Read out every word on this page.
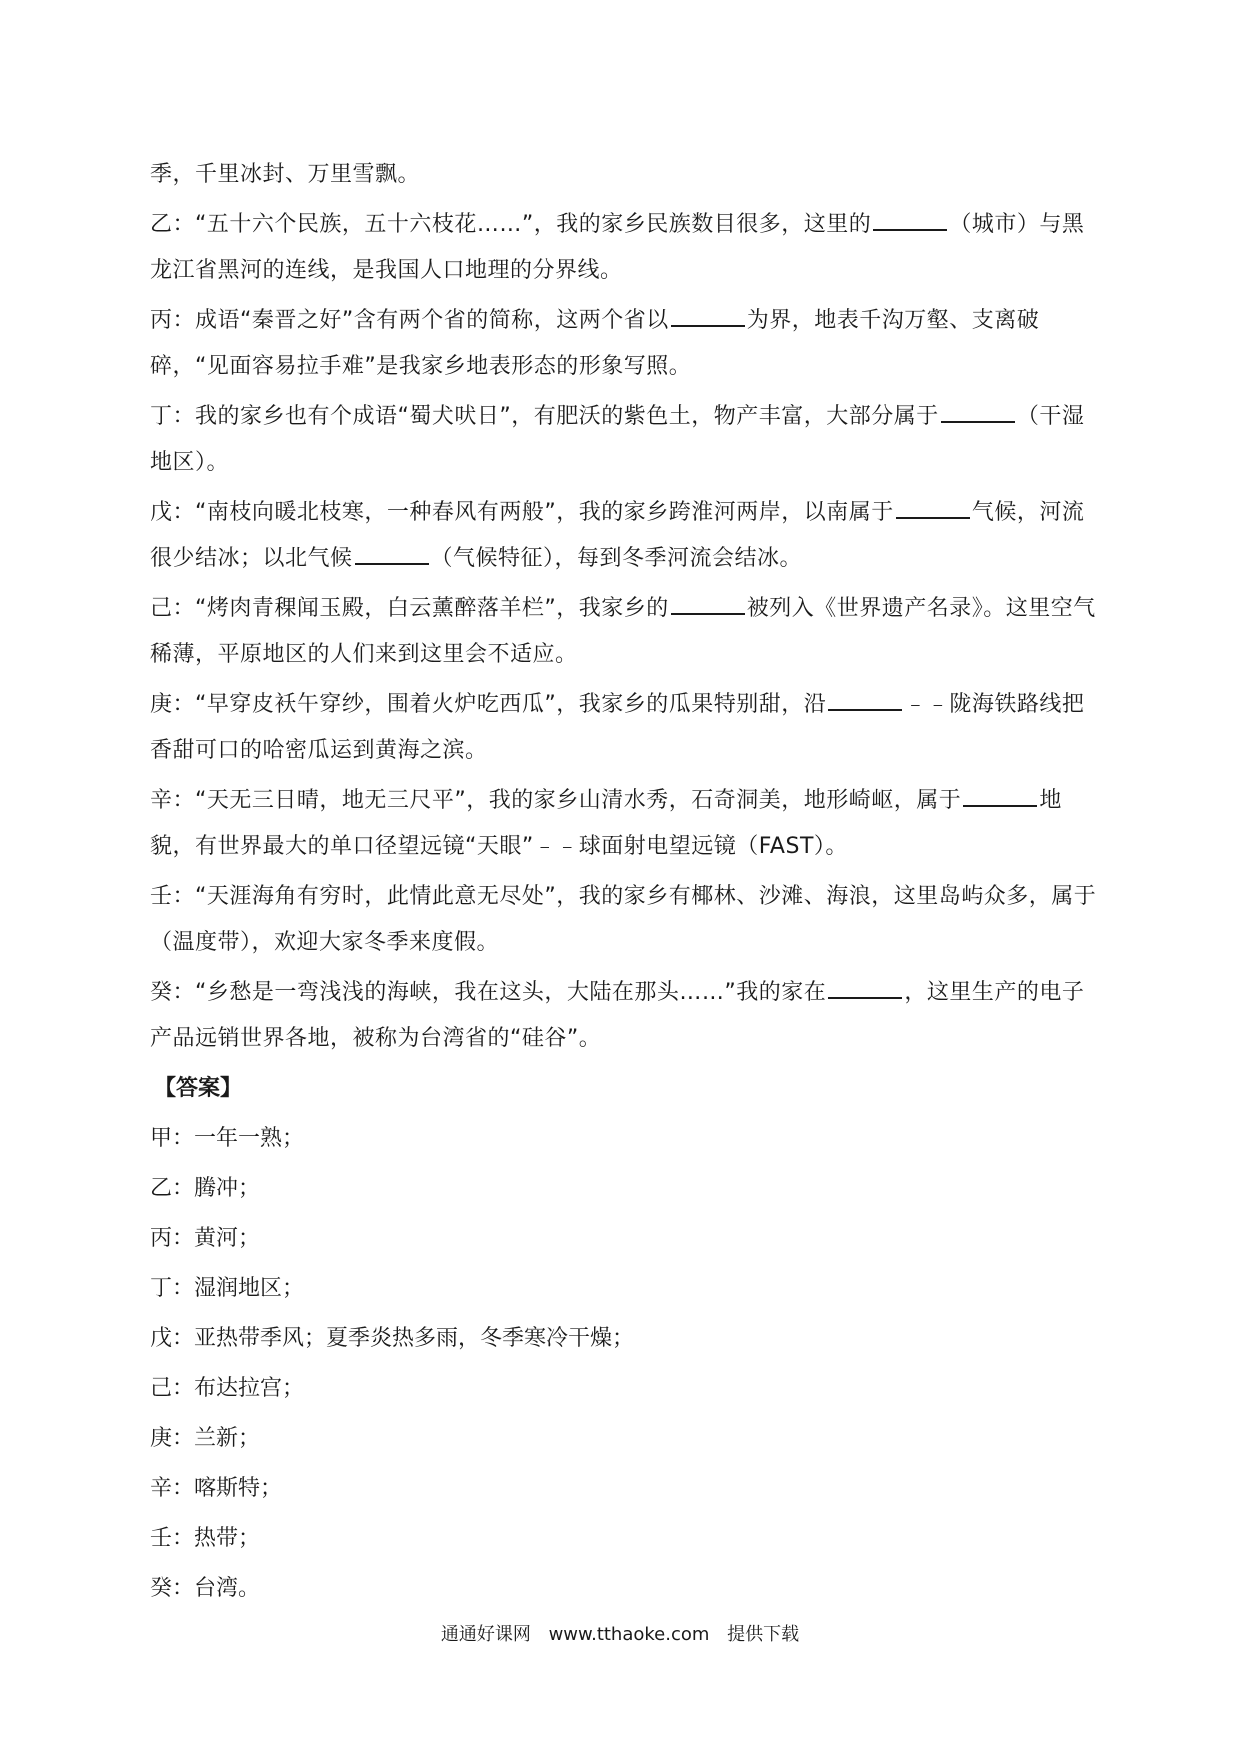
季，千里冰封、万里雪飘。

乙：“五十六个民族，五十六枝花……”，我的家乡民族数目很多，这里的	（城市）与黑龙江省黑河的连线，是我国人口地理的分界线。

丙：成语“秦晋之好”含有两个省的简称，这两个省以	为界，地表千沟万壑、支离破碎，“见面容易拉手难”是我家乡地表形态的形象写照。

丁：我的家乡也有个成语“蜀犬吠日”，有肥沃的紫色土，物产丰富，大部分属于	（干湿地区）。

戊：“南枝向暖北枝寒，一种春风有两般”，我的家乡跨淮河两岸，以南属于	气候，河流很少结冰；以北气候	（气候特征），每到冬季河流会结冰。

己：“烤肉青稞闻玉殿，白云薰醉落羊栏”，我家乡的	被列入《世界遗产名录》。这里空气稀薄，平原地区的人们来到这里会不适应。

庚：“早穿皮袄午穿纱，围着火炉吃西瓜”，我家乡的瓜果特别甜，沿	﹣﹣陇海铁路线把香甜可口的哈密瓜运到黄海之滨。

辛：“天无三日晴，地无三尺平”，我的家乡山清水秀，石奇洞美，地形崎岖，属于	地貌，有世界最大的单口径望远镜“天眼”﹣﹣球面射电望远镜（FAST）。

壬：“天涯海角有穷时，此情此意无尽处”，我的家乡有椰林、沙滩、海浪，这里岛屿众多，属于（温度带），欢迎大家冬季来度假。

癸：“乡愁是一弯浅浅的海峡，我在这头，大陆在那头……”我的家在	，这里生产的电子产品远销世界各地，被称为台湾省的“硅谷”。

【答案】

甲：一年一熟；

乙：腾冲；

丙：黄河；

丁：湿润地区；

戊：亚热带季风；夏季炎热多雨，冬季寒冷干燥；

己：布达拉宫；

庚：兰新；

辛：喀斯特；

壬：热带；

癸：台湾。

通通好课网 www.tthaoke.com 提供下载
